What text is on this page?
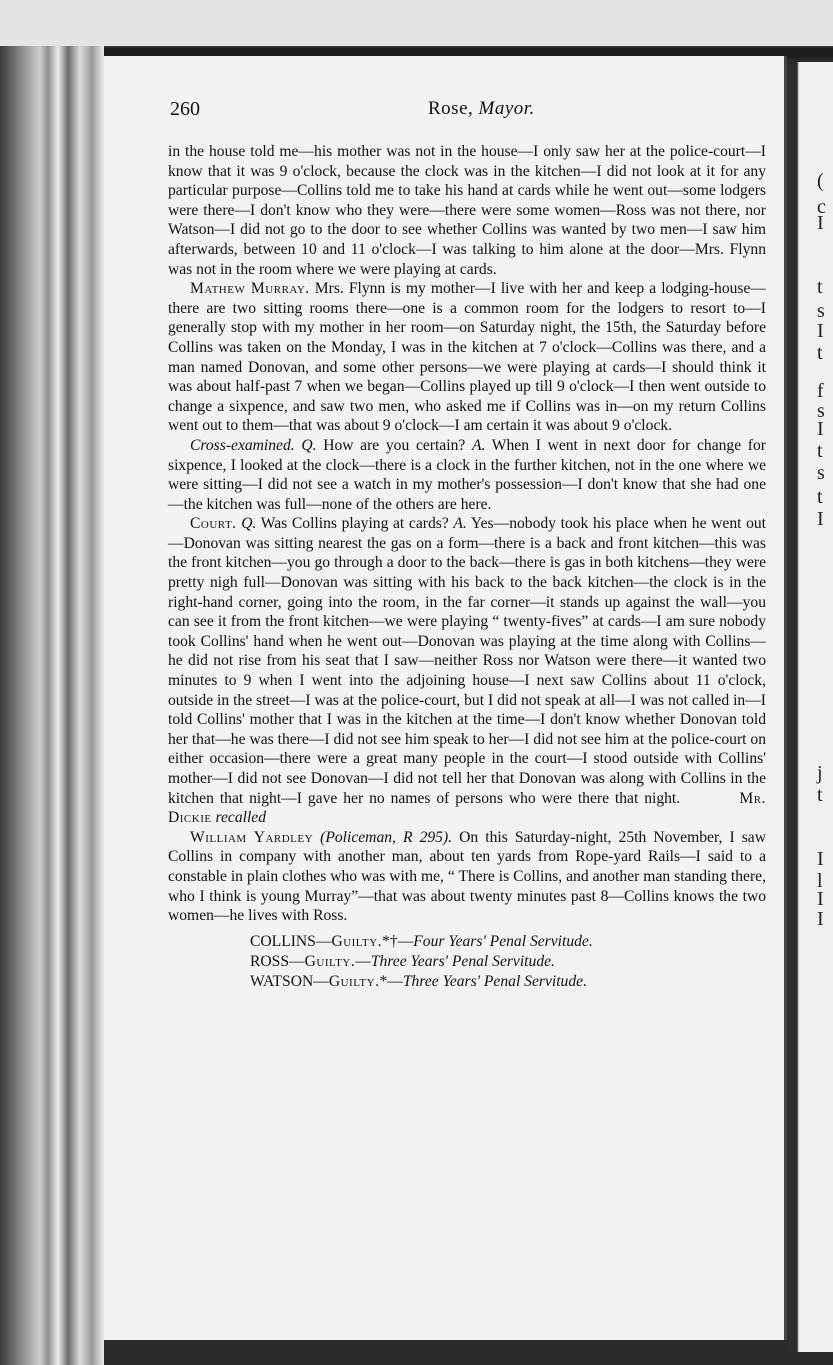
260	Rose, Mayor.

in the house told me—his mother was not in the house—I only saw her at the police-court—I know that it was 9 o'clock, because the clock was in the kitchen—I did not look at it for any particular purpose—Collins told me to take his hand at cards while he went out—some lodgers were there—I don't know who they were—there were some women—Ross was not there, nor Watson—I did not go to the door to see whether Collins was wanted by two men—I saw him afterwards, between 10 and 11 o'clock—I was talking to him alone at the door—Mrs. Flynn was not in the room where we were playing at cards.

Mathew Murray. Mrs. Flynn is my mother—I live with her and keep a lodging-house—there are two sitting rooms there—one is a common room for the lodgers to resort to—I generally stop with my mother in her room—on Saturday night, the 15th, the Saturday before Collins was taken on the Monday, I was in the kitchen at 7 o'clock—Collins was there, and a man named Donovan, and some other persons—we were playing at cards—I should think it was about half-past 7 when we began—Collins played up till 9 o'clock—I then went outside to change a sixpence, and saw two men, who asked me if Collins was in—on my return Collins went out to them—that was about 9 o'clock—I am certain it was about 9 o'clock.

Cross-examined. Q. How are you certain? A. When I went in next door for change for sixpence, I looked at the clock—there is a clock in the further kitchen, not in the one where we were sitting—I did not see a watch in my mother's possession—I don't know that she had one—the kitchen was full—none of the others are here.

Court. Q. Was Collins playing at cards? A. Yes—nobody took his place when he went out—Donovan was sitting nearest the gas on a form—there is a back and front kitchen—this was the front kitchen—you go through a door to the back—there is gas in both kitchens—they were pretty nigh full—Donovan was sitting with his back to the back kitchen—the clock is in the right-hand corner, going into the room, in the far corner—it stands up against the wall—you can see it from the front kitchen—we were playing “ twenty-fives” at cards—I am sure nobody took Collins' hand when he went out—Donovan was playing at the time along with Collins—he did not rise from his seat that I saw—neither Ross nor Watson were there—it wanted two minutes to 9 when I went into the adjoining house—I next saw Collins about 11 o'clock, outside in the street—I was at the police-court, but I did not speak at all—I was not called in—I told Collins' mother that I was in the kitchen at the time—I don't know whether Donovan told her that—he was there—I did not see him speak to her—I did not see him at the police-court on either occasion—there were a great many people in the court—I stood outside with Collins' mother—I did not see Donovan—I did not tell her that Donovan was along with Collins in the kitchen that night—I gave her no names of persons who were there that night.	Mr. Dickie recalled

William Yardley (Policeman, R 295). On this Saturday-night, 25th November, I saw Collins in company with another man, about ten yards from Rope-yard Rails—I said to a constable in plain clothes who was with me, “ There is Collins, and another man standing there, who I think is young Murray”—that was about twenty minutes past 8—Collins knows the two women—he lives with Ross.

COLLINS—Guilty.*†—Four Years' Penal Servitude.
ROSS—Guilty.—Three Years' Penal Servitude.
WATSON—Guilty.*—Three Years' Penal Servitude.
(
c
I
t
s
I
t
f
s
I
t
s
t
I
j
t
I
l
I
I
